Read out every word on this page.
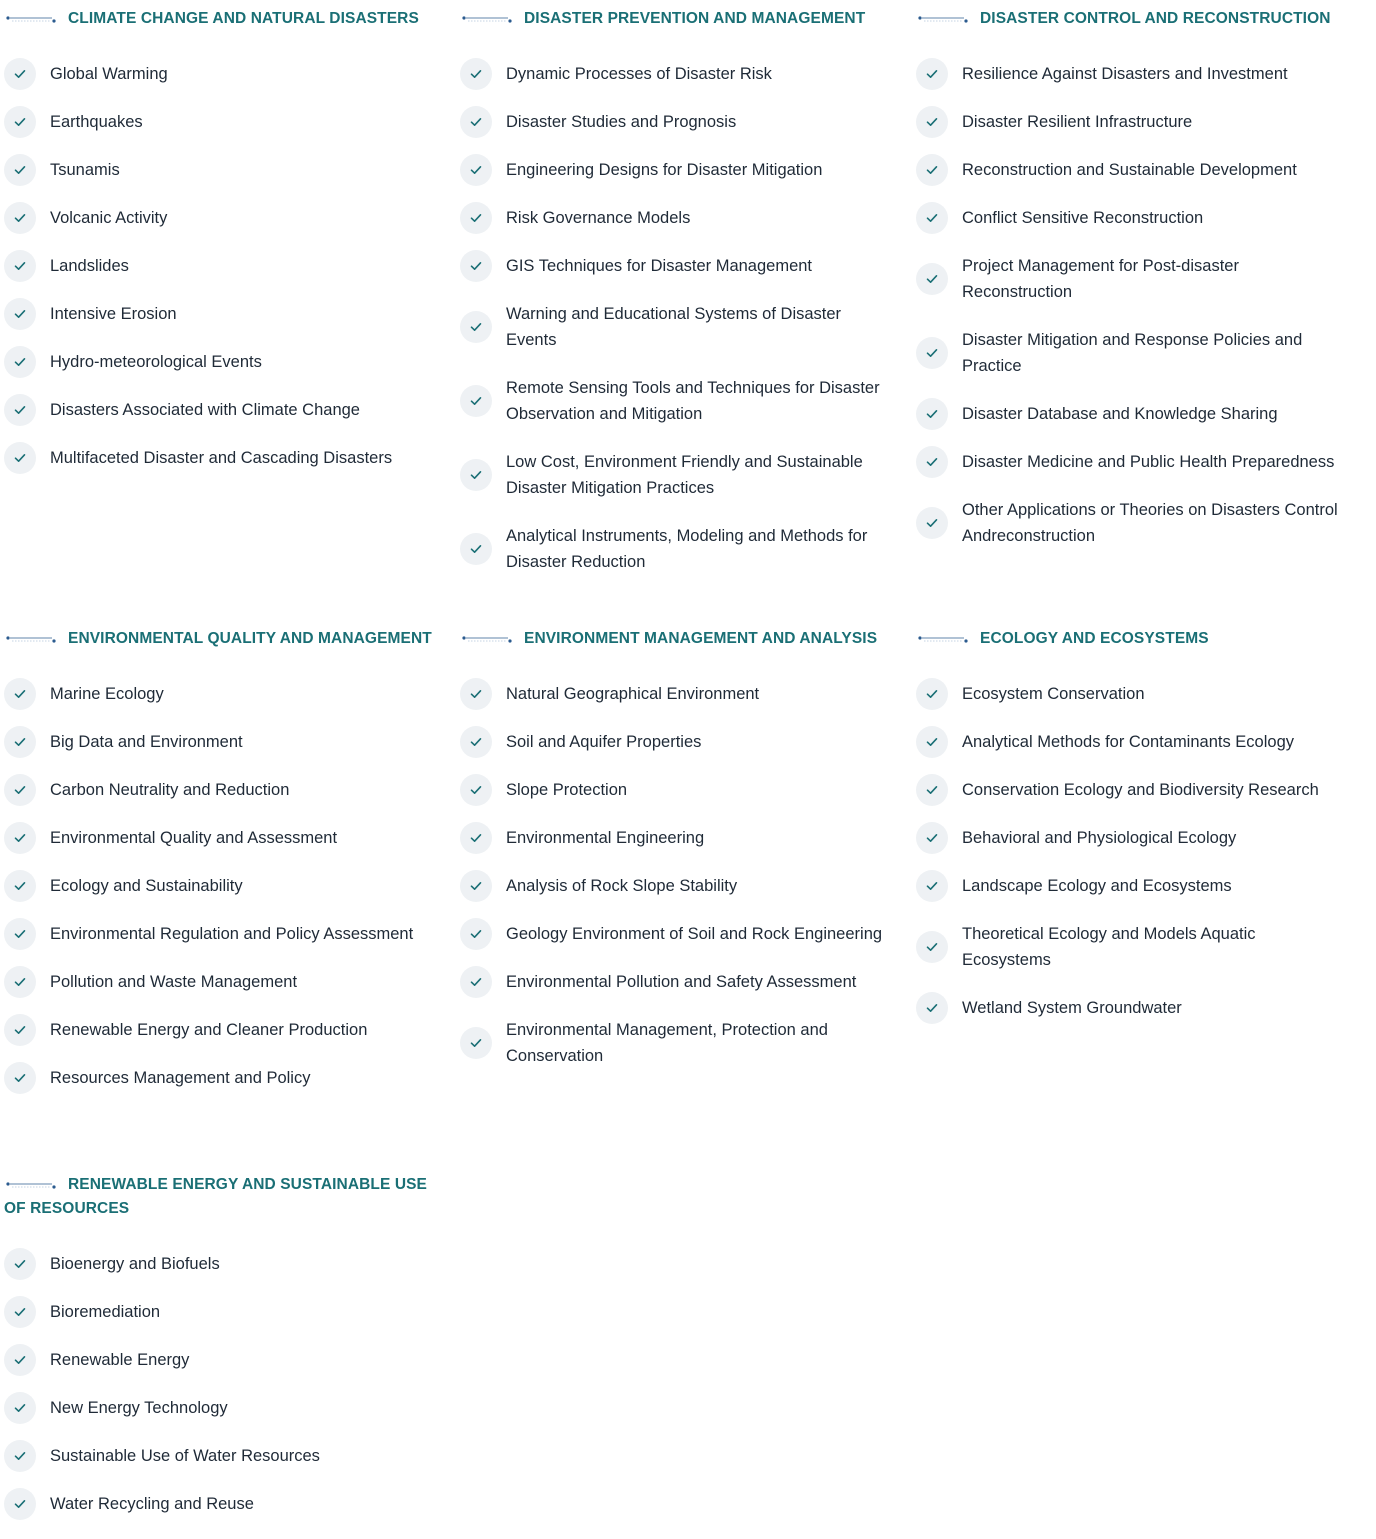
CLIMATE CHANGE AND NATURAL DISASTERS
Global Warming
Earthquakes
Tsunamis
Volcanic Activity
Landslides
Intensive Erosion
Hydro-meteorological Events
Disasters Associated with Climate Change
Multifaceted Disaster and Cascading Disasters
DISASTER PREVENTION AND MANAGEMENT
Dynamic Processes of Disaster Risk
Disaster Studies and Prognosis
Engineering Designs for Disaster Mitigation
Risk Governance Models
GIS Techniques for Disaster Management
Warning and Educational Systems of Disaster Events
Remote Sensing Tools and Techniques for Disaster Observation and Mitigation
Low Cost, Environment Friendly and Sustainable Disaster Mitigation Practices
Analytical Instruments, Modeling and Methods for Disaster Reduction
DISASTER CONTROL AND RECONSTRUCTION
Resilience Against Disasters and Investment
Disaster Resilient Infrastructure
Reconstruction and Sustainable Development
Conflict Sensitive Reconstruction
Project Management for Post-disaster Reconstruction
Disaster Mitigation and Response Policies and Practice
Disaster Database and Knowledge Sharing
Disaster Medicine and Public Health Preparedness
Other Applications or Theories on Disasters Control Andreconstruction
ENVIRONMENTAL QUALITY AND MANAGEMENT
Marine Ecology
Big Data and Environment
Carbon Neutrality and Reduction
Environmental Quality and Assessment
Ecology and Sustainability
Environmental Regulation and Policy Assessment
Pollution and Waste Management
Renewable Energy and Cleaner Production
Resources Management and Policy
ENVIRONMENT MANAGEMENT AND ANALYSIS
Natural Geographical Environment
Soil and Aquifer Properties
Slope Protection
Environmental Engineering
Analysis of Rock Slope Stability
Geology Environment of Soil and Rock Engineering
Environmental Pollution and Safety Assessment
Environmental Management, Protection and Conservation
ECOLOGY AND ECOSYSTEMS
Ecosystem Conservation
Analytical Methods for Contaminants Ecology
Conservation Ecology and Biodiversity Research
Behavioral and Physiological Ecology
Landscape Ecology and Ecosystems
Theoretical Ecology and Models Aquatic Ecosystems
Wetland System Groundwater
RENEWABLE ENERGY AND SUSTAINABLE USE OF RESOURCES
Bioenergy and Biofuels
Bioremediation
Renewable Energy
New Energy Technology
Sustainable Use of Water Resources
Water Recycling and Reuse
